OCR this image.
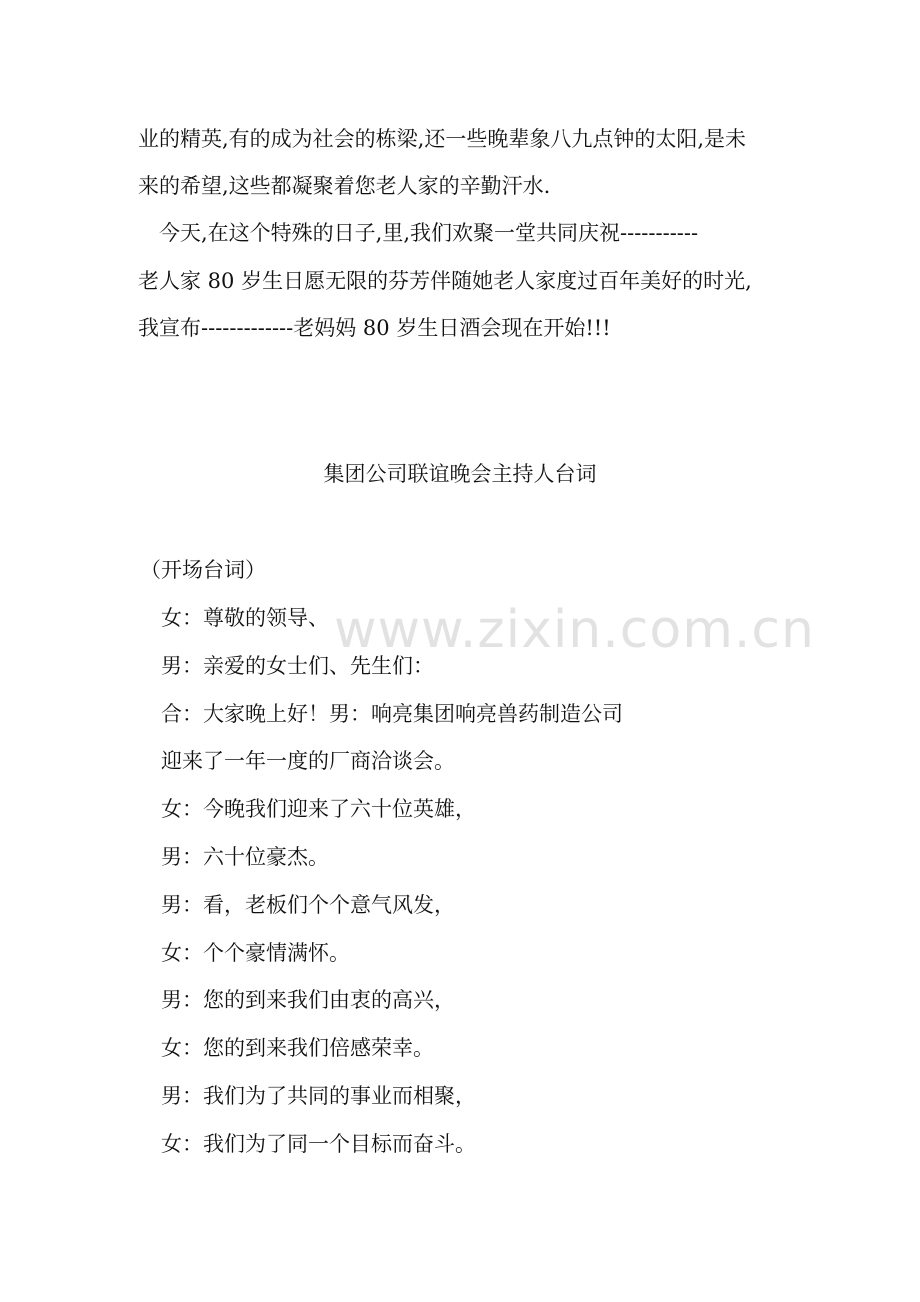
业的精英,有的成为社会的栋梁,还一些晚辈象八九点钟的太阳,是未
来的希望,这些都凝聚着您老人家的辛勤汗水.
　今天,在这个特殊的日子,里,我们欢聚一堂共同庆祝-----------
老人家 80 岁生日愿无限的芬芳伴随她老人家度过百年美好的时光,
我宣布-------------老妈妈 80 岁生日酒会现在开始!!!
集团公司联谊晚会主持人台词
（开场台词）
　女：尊敬的领导、
　男：亲爱的女士们、先生们：
　合：大家晚上好！男：响亮集团响亮兽药制造公司
　迎来了一年一度的厂商洽谈会。
　女：今晚我们迎来了六十位英雄，
　男：六十位豪杰。
　男：看，老板们个个意气风发，
　女：个个豪情满怀。
　男：您的到来我们由衷的高兴，
　女：您的到来我们倍感荣幸。
　男：我们为了共同的事业而相聚，
　女：我们为了同一个目标而奋斗。
www.zixin.com.cn
